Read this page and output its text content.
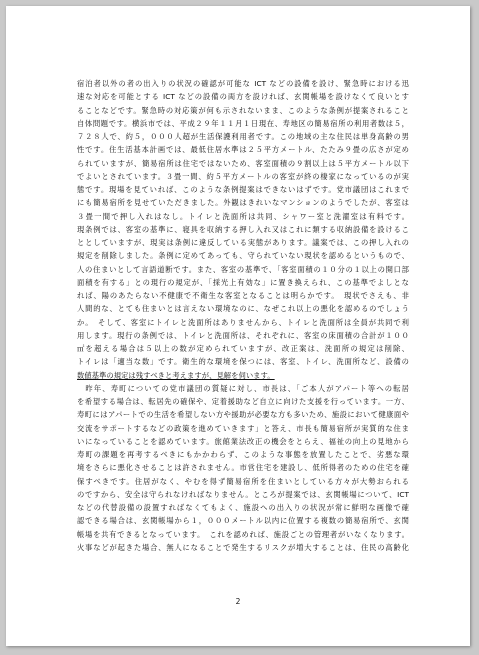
宿泊者以外の者の出入りの状況の確認が可能な ICT などの設備を設け、緊急時における迅
速な対応を可能とする ICT などの設備の両方を設ければ、玄関帳場を設けなくて良いとす
ることなどです。緊急時の対応策が何も示されないまま、このような条例が提案されること
自体問題です。横浜市では、平成２９年１１月１日現在、寿地区の簡易宿所の利用者数は５，
７２８人で、約５，０００人超が生活保護利用者です。この地域の主な住民は単身高齢の男
性です。住生活基本計画では、最低住居水準は２５平方メートル、たたみ９畳の広さが定め
られていますが、簡易宿所は住宅ではないため、客室面積の９割以上は５平方メートル以下
でよいとされています。３畳一間、約５平方メートルの客室が終の棲家になっているのが実
態です。現場を見ていれば、このような条例提案はできないはずです。党市議団はこれまで
にも簡易宿所を見せていただきました。外観はきれいなマンションのようでしたが、客室は
３畳一間で押し入れはなし。トイレと洗面所は共同、シャワー室と洗濯室は有料です。
現条例では、客室の基準に、寝具を収納する押し入れ又はこれに類する収納設備を設けるこ
ととしていますが、現実は条例に違反している実態があります。議案では、この押し入れの
規定を削除しました。条例に定めてあっても、守られていない現状を認めるというもので、
人の住まいとして言語道断です。また、客室の基準で、「客室面積の１０分の１以上の開口部
面積を有する」との現行の規定が、「採光上有効な」に置き換えられ、この基準でよしとな
れば、陽のあたらない不健康で不衛生な客室となることは明らかです。　現状でさえも、非
人間的な、とても住まいとは言えない環境なのに、なぜこれ以上の悪化を認めるのでしょう
か。　そして、客室にトイレと洗面所はありませんから、トイレと洗面所は全員が共同で利
用します。現行の条例では、トイレと洗面所は、それぞれに、客室の床面積の合計が１００
㎡を超える場合は５以上の数が定められていますが、改正案は、洗面所の規定は削除、
トイレは「適当な数」です。衛生的な環境を保つには、客室、トイレ、洗面所など、設備の
数値基準の規定は残すべきと考えますが、見解を伺います。
　昨年、寿町についての党市議団の質疑に対し、市長は、「ご本人がアパート等への転居
を希望する場合は、転居先の確保や、定着援助など自立に向けた支援を行っています。一方、
寿町にはアパートでの生活を希望しない方や援助が必要な方も多いため、施設において健康面や
交流をサポートするなどの政策を進めていきます」と答え、市長も簡易宿所が実質的な住ま
いになっていることを認めています。旅館業法改正の機会をとらえ、福祉の向上の見地から
寿町の課題を再考するべきにもかかわらず、このような事態を放置したことで、劣悪な環
境をさらに悪化させることは許されません。市営住宅を建設し、低所得者のための住宅を確
保すべきです。住居がなく、やむを得ず簡易宿所を住まいとしている方々が大勢おられる
のですから、安全は守られなければなりません。ところが提案では、玄関帳場について、ICT
などの代替設備の設置すればなくてもよく、施設への出入りの状況が常に鮮明な画像で確
認できる場合は、玄関帳場から１，０００メートル以内に位置する複数の簡易宿所で、玄関
帳場を共有できるとなっています。　これを認めれば、施設ごとの管理者がいなくなります。
火事などが起きた場合、無人になることで発生するリスクが増大することは、住民の高齢化
2
